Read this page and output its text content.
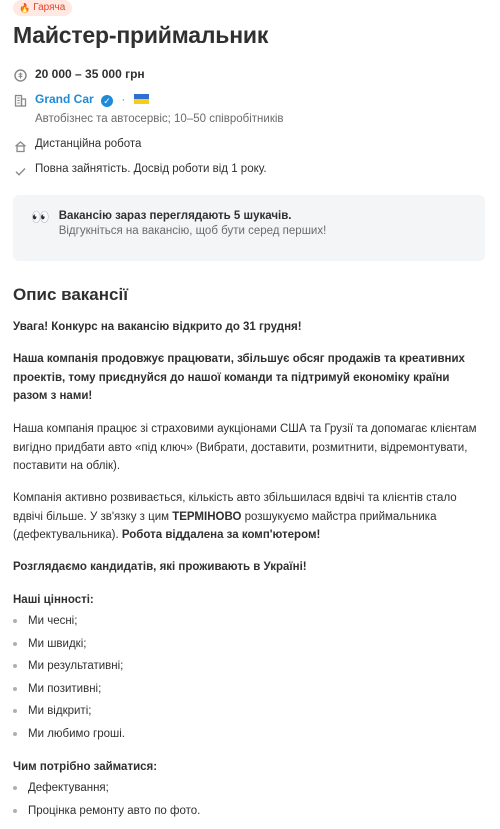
🔥 Гаряча
Майстер-приймальник
20 000 – 35 000 грн
Grand Car ✓ ·
Автобізнес та автосервіс; 10–50 співробітників
Дистанційна робота
Повна зайнятість. Досвід роботи від 1 року.
👀 Вакансію зараз переглядають 5 шукачів.
Відгукніться на вакансію, щоб бути серед перших!
Опис вакансії

Увага! Конкурс на вакансію відкрито до 31 грудня!

Наша компанія продовжує працювати, збільшує обсяг продажів та креативних проектів, тому приєднуйся до нашої команди та підтримуй економіку країни разом з нами!

Наша компанія працює зі страховими аукціонами США та Грузії та допомагає клієнтам вигідно придбати авто «під ключ» (Вибрати, доставити, розмитнити, відремонтувати, поставити на облік).

Компанія активно розвивається, кількість авто збільшилася вдвічі та клієнтів стало вдвічі більше. У зв'язку з цим ТЕРМІНОВО розшукуємо майстра приймальника (дефектувальника). Робота віддалена за комп'ютером!

Розглядаємо кандидатів, які проживають в Україні!

Наші цінності:

Ми чесні;
Ми швидкі;
Ми результативні;
Ми позитивні;
Ми відкриті;
Ми любимо гроші.

Чим потрібно займатися:

Дефектування;
Процінка ремонту авто по фото.
